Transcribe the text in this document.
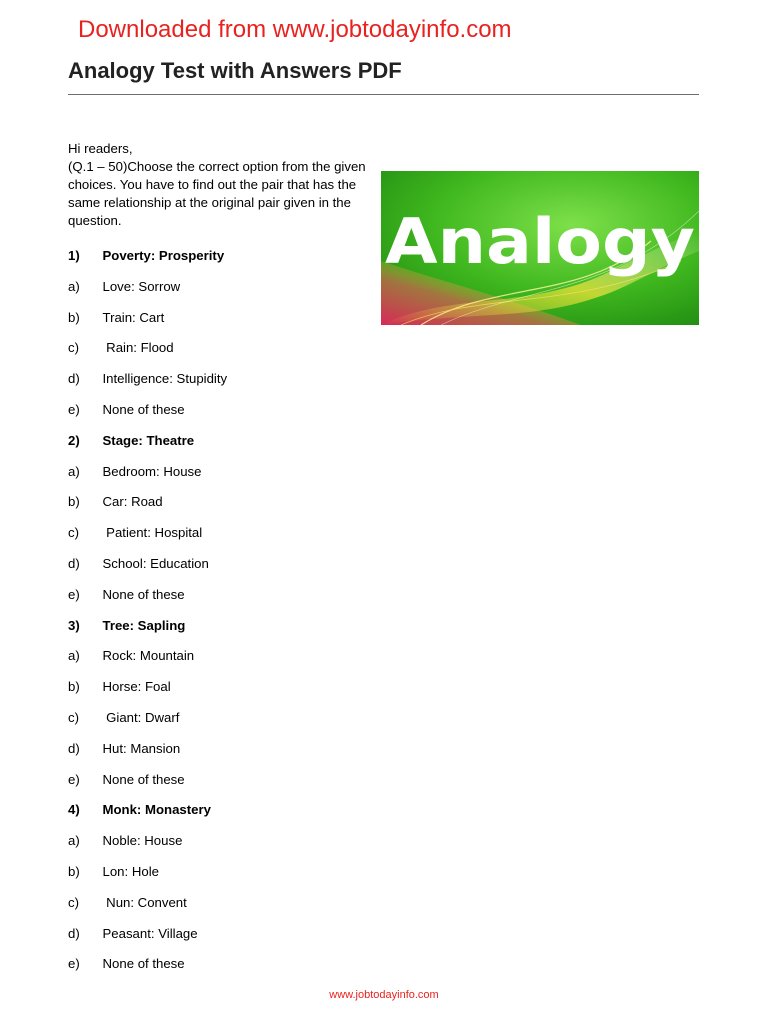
Downloaded from www.jobtodayinfo.com
Analogy Test with Answers PDF

Hi readers,

(Q.1 – 50)Choose the correct option from the given choices. You have to find out the pair that has the same relationship at the original pair given in the question.	Analogy
1) Poverty: Prosperity
a) Love: Sorrow
b) Train: Cart
c) Rain: Flood
d) Intelligence: Stupidity
e) None of these
2) Stage: Theatre
a) Bedroom: House
b) Car: Road
c) Patient: Hospital
d) School: Education
e) None of these
3) Tree: Sapling
a) Rock: Mountain
b) Horse: Foal
c) Giant: Dwarf
d) Hut: Mansion
e) None of these
4) Monk: Monastery
a) Noble: House
b) Lon: Hole
c) Nun: Convent
d) Peasant: Village
e) None of these
www.jobtodayinfo.com
